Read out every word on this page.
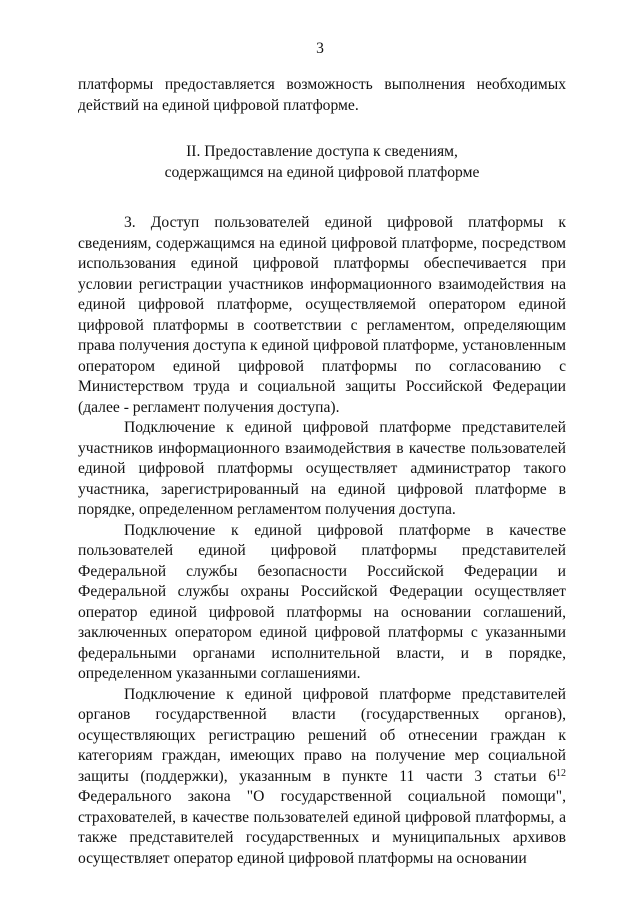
3

платформы предоставляется возможность выполнения необходимых действий на единой цифровой платформе.

II. Предоставление доступа к сведениям,
содержащимся на единой цифровой платформе

3. Доступ пользователей единой цифровой платформы к сведениям, содержащимся на единой цифровой платформе, посредством использования единой цифровой платформы обеспечивается при условии регистрации участников информационного взаимодействия на единой цифровой платформе, осуществляемой оператором единой цифровой платформы в соответствии с регламентом, определяющим права получения доступа к единой цифровой платформе, установленным оператором единой цифровой платформы по согласованию с Министерством труда и социальной защиты Российской Федерации (далее - регламент получения доступа).

Подключение к единой цифровой платформе представителей участников информационного взаимодействия в качестве пользователей единой цифровой платформы осуществляет администратор такого участника, зарегистрированный на единой цифровой платформе в порядке, определенном регламентом получения доступа.

Подключение к единой цифровой платформе в качестве пользователей единой цифровой платформы представителей Федеральной службы безопасности Российской Федерации и Федеральной службы охраны Российской Федерации осуществляет оператор единой цифровой платформы на основании соглашений, заключенных оператором единой цифровой платформы с указанными федеральными органами исполнительной власти, и в порядке, определенном указанными соглашениями.

Подключение к единой цифровой платформе представителей органов государственной власти (государственных органов), осуществляющих регистрацию решений об отнесении граждан к категориям граждан, имеющих право на получение мер социальной защиты (поддержки), указанным в пункте 11 части 3 статьи $6^{12}$ Федерального закона "О государственной социальной помощи", страхователей, в качестве пользователей единой цифровой платформы, а также представителей государственных и муниципальных архивов осуществляет оператор единой цифровой платформы на основании
